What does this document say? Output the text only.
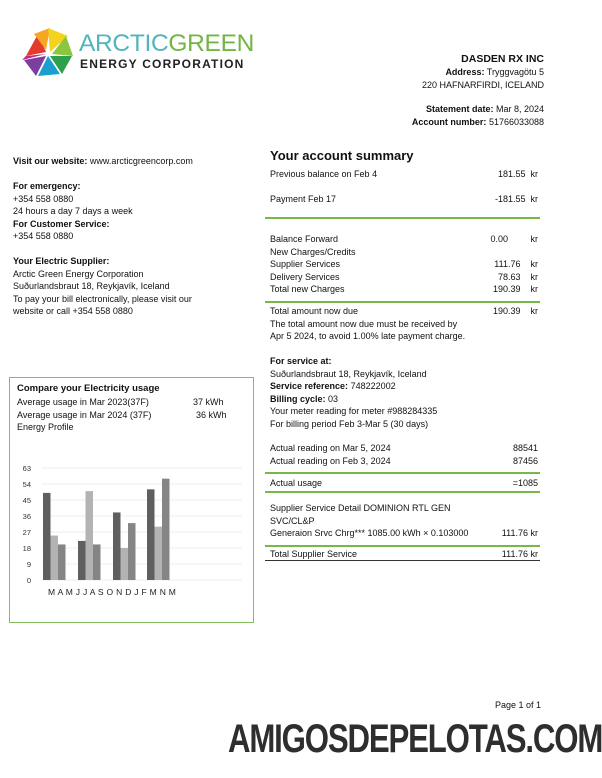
ARCTICGREEN
ENERGY CORPORATION	DASDEN RX INC
Address: Tryggvagötu 5
220 HAFNARFIRDI, ICELAND
Statement date: Mar 8, 2024
Account number: 51766033088
Visit our website: www.arcticgreencorp.com
For emergency:
+354 558 0880
24 hours a day 7 days a week
For Customer Service:
+354 558 0880
Your Electric Supplier:
Arctic Green Energy Corporation
Suðurlandsbraut 18, Reykjavík, Iceland
To pay your bill electronically, please visit our
website or call +354 558 0880
Compare your Electricity usage
Average usage in Mar 2023(37F)	37 kWh
Average usage in Mar 2024 (37F)	36 kWh
Energy Profile
0
9
18
27
36
45
54
63
M A M J J A S O N D J F M N M
Your account summary
Previous balance on Feb 4	181.55 kr
Payment Feb 17	-181.55 kr
Balance Forward	0.00 kr
New Charges/Credits
Supplier Services	111.76 kr
Delivery Services	78.63 kr
Total new Charges	190.39 kr
Total amount now due	190.39 kr
The total amount now due must be received by
Apr 5 2024, to avoid 1.00% late payment charge.
For service at:
Suðurlandsbraut 18, Reykjavík, Iceland
Service reference: 748222002
Billing cycle: 03
Your meter reading for meter #988284335
For billing period Feb 3-Mar 5 (30 days)
Actual reading on Mar 5, 2024	88541
Actual reading on Feb 3, 2024	87456
Actual usage	=1085
Supplier Service Detail DOMINION RTL GEN
SVC/CL&P
Generaion Srvc Chrg*** 1085.00 kWh × 0.103000	111.76 kr
Total Supplier Service	111.76 kr
Page 1 of 1
AMIGOSDEPELOTAS.COM
